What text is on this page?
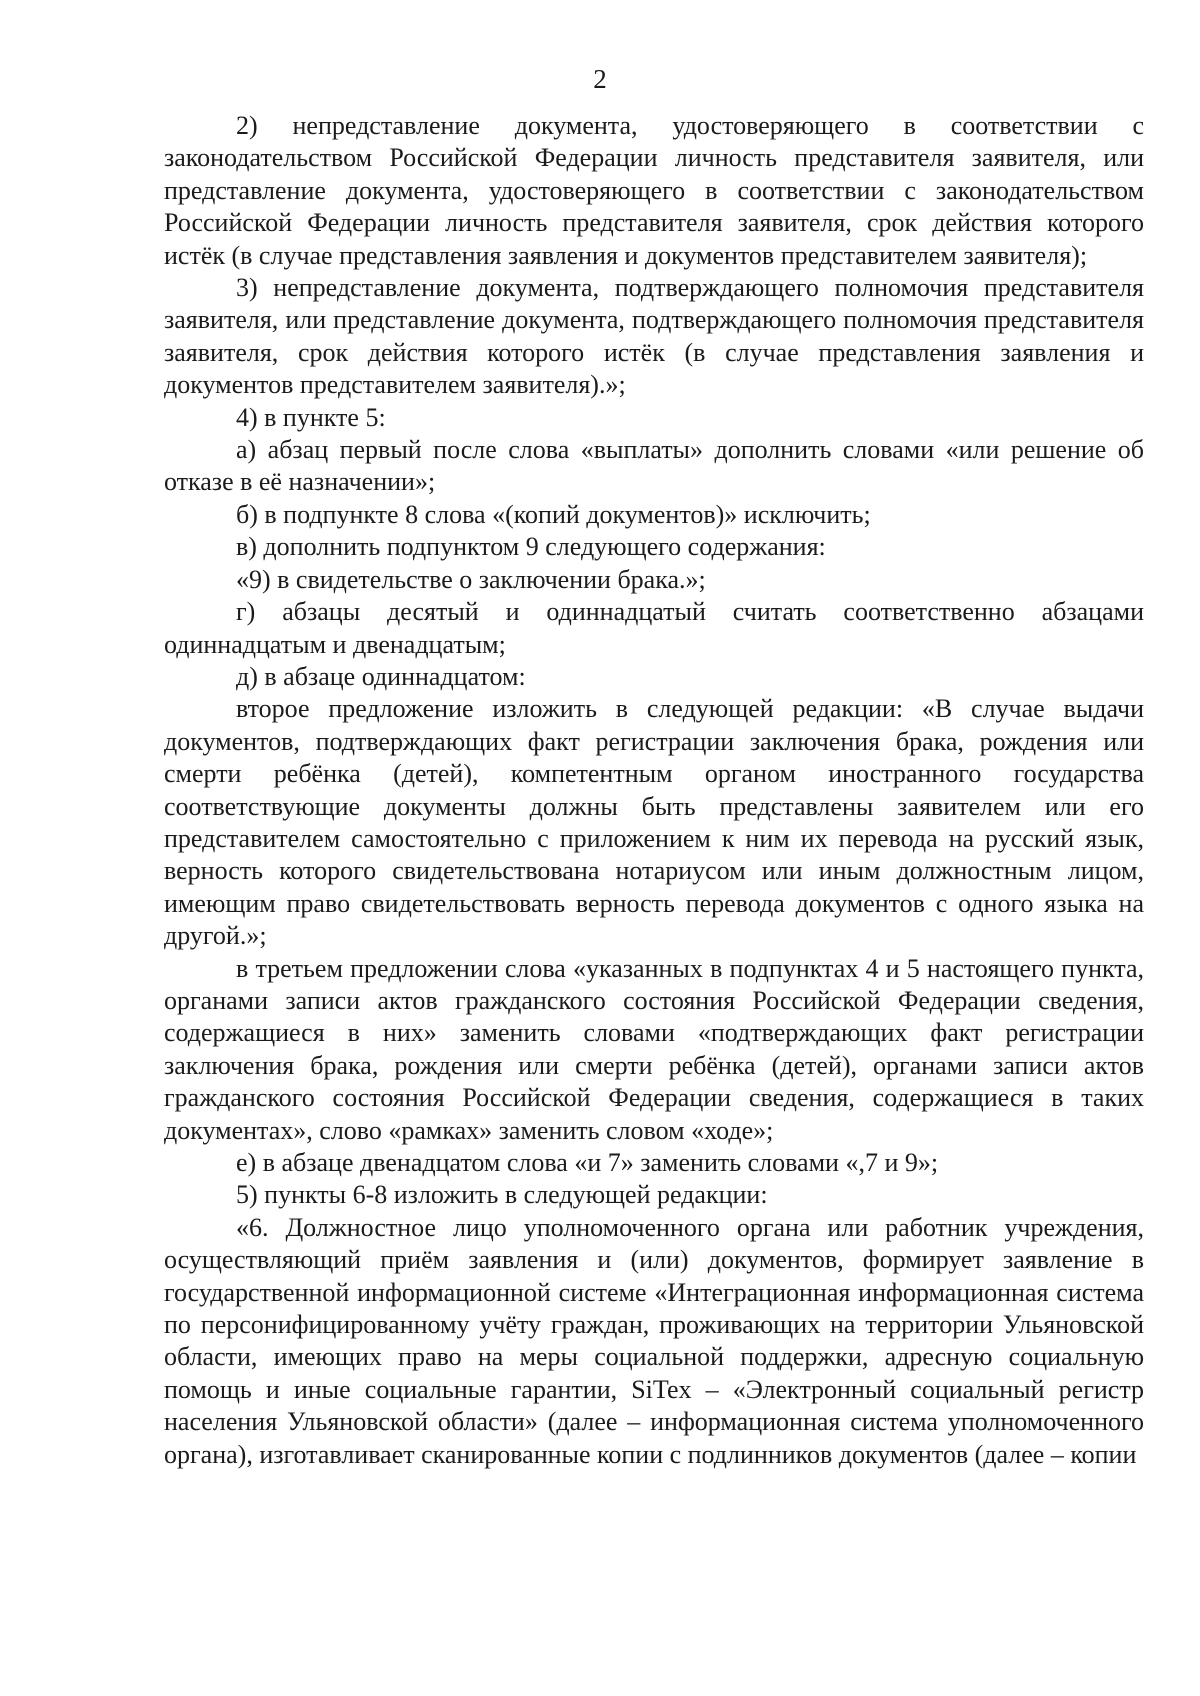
2

2) непредставление документа, удостоверяющего в соответствии с законодательством Российской Федерации личность представителя заявителя, или представление документа, удостоверяющего в соответствии с законодательством Российской Федерации личность представителя заявителя, срок действия которого истёк (в случае представления заявления и документов представителем заявителя);

3) непредставление документа, подтверждающего полномочия представителя заявителя, или представление документа, подтверждающего полномочия представителя заявителя, срок действия которого истёк (в случае представления заявления и документов представителем заявителя).»;

4) в пункте 5:

а) абзац первый после слова «выплаты» дополнить словами «или решение об отказе в её назначении»;

б) в подпункте 8 слова «(копий документов)» исключить;

в) дополнить подпунктом 9 следующего содержания:

«9) в свидетельстве о заключении брака.»;

г) абзацы десятый и одиннадцатый считать соответственно абзацами одиннадцатым и двенадцатым;

д) в абзаце одиннадцатом:

второе предложение изложить в следующей редакции: «В случае выдачи документов, подтверждающих факт регистрации заключения брака, рождения или смерти ребёнка (детей), компетентным органом иностранного государства соответствующие документы должны быть представлены заявителем или его представителем самостоятельно с приложением к ним их перевода на русский язык, верность которого свидетельствована нотариусом или иным должностным лицом, имеющим право свидетельствовать верность перевода документов с одного языка на другой.»;

в третьем предложении слова «указанных в подпунктах 4 и 5 настоящего пункта, органами записи актов гражданского состояния Российской Федерации сведения, содержащиеся в них» заменить словами «подтверждающих факт регистрации заключения брака, рождения или смерти ребёнка (детей), органами записи актов гражданского состояния Российской Федерации сведения, содержащиеся в таких документах», слово «рамках» заменить словом «ходе»;

е) в абзаце двенадцатом слова «и 7» заменить словами «,7 и 9»;

5) пункты 6-8 изложить в следующей редакции:

«6. Должностное лицо уполномоченного органа или работник учреждения, осуществляющий приём заявления и (или) документов, формирует заявление в государственной информационной системе «Интеграционная информационная система по персонифицированному учёту граждан, проживающих на территории Ульяновской области, имеющих право на меры социальной поддержки, адресную социальную помощь и иные социальные гарантии, SiTex – «Электронный социальный регистр населения Ульяновской области» (далее – информационная система уполномоченного органа), изготавливает сканированные копии с подлинников документов (далее – копии
